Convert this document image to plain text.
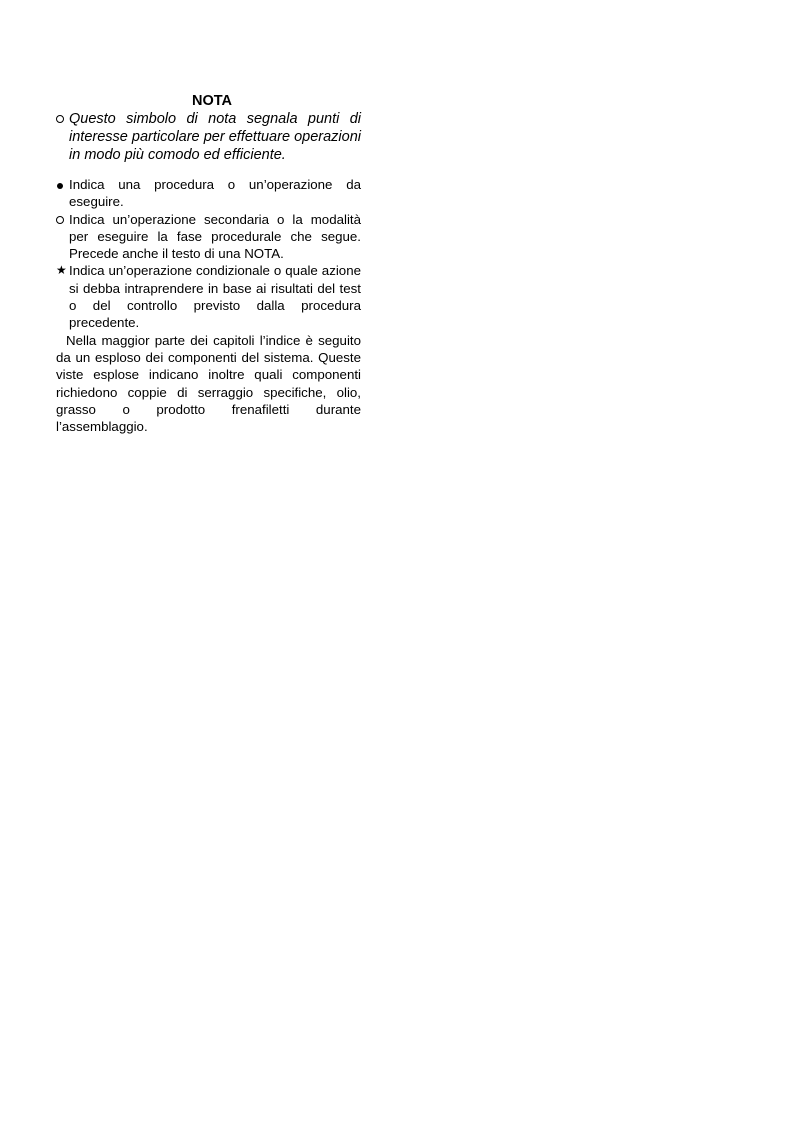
NOTA
Questo simbolo di nota segnala punti di interesse particolare per effettuare operazioni in modo più comodo ed efficiente.
Indica una procedura o un’operazione da eseguire.
Indica un’operazione secondaria o la modalità per eseguire la fase procedurale che segue. Precede anche il testo di una NOTA.
★ Indica un’operazione condizionale o quale azione si debba intraprendere in base ai risultati del test o del controllo previsto dalla procedura precedente.
Nella maggior parte dei capitoli l’indice è seguito da un esploso dei componenti del sistema. Queste viste esplose indicano inoltre quali componenti richiedono coppie di serraggio specifiche, olio, grasso o prodotto frenafiletti durante l’assemblaggio.
